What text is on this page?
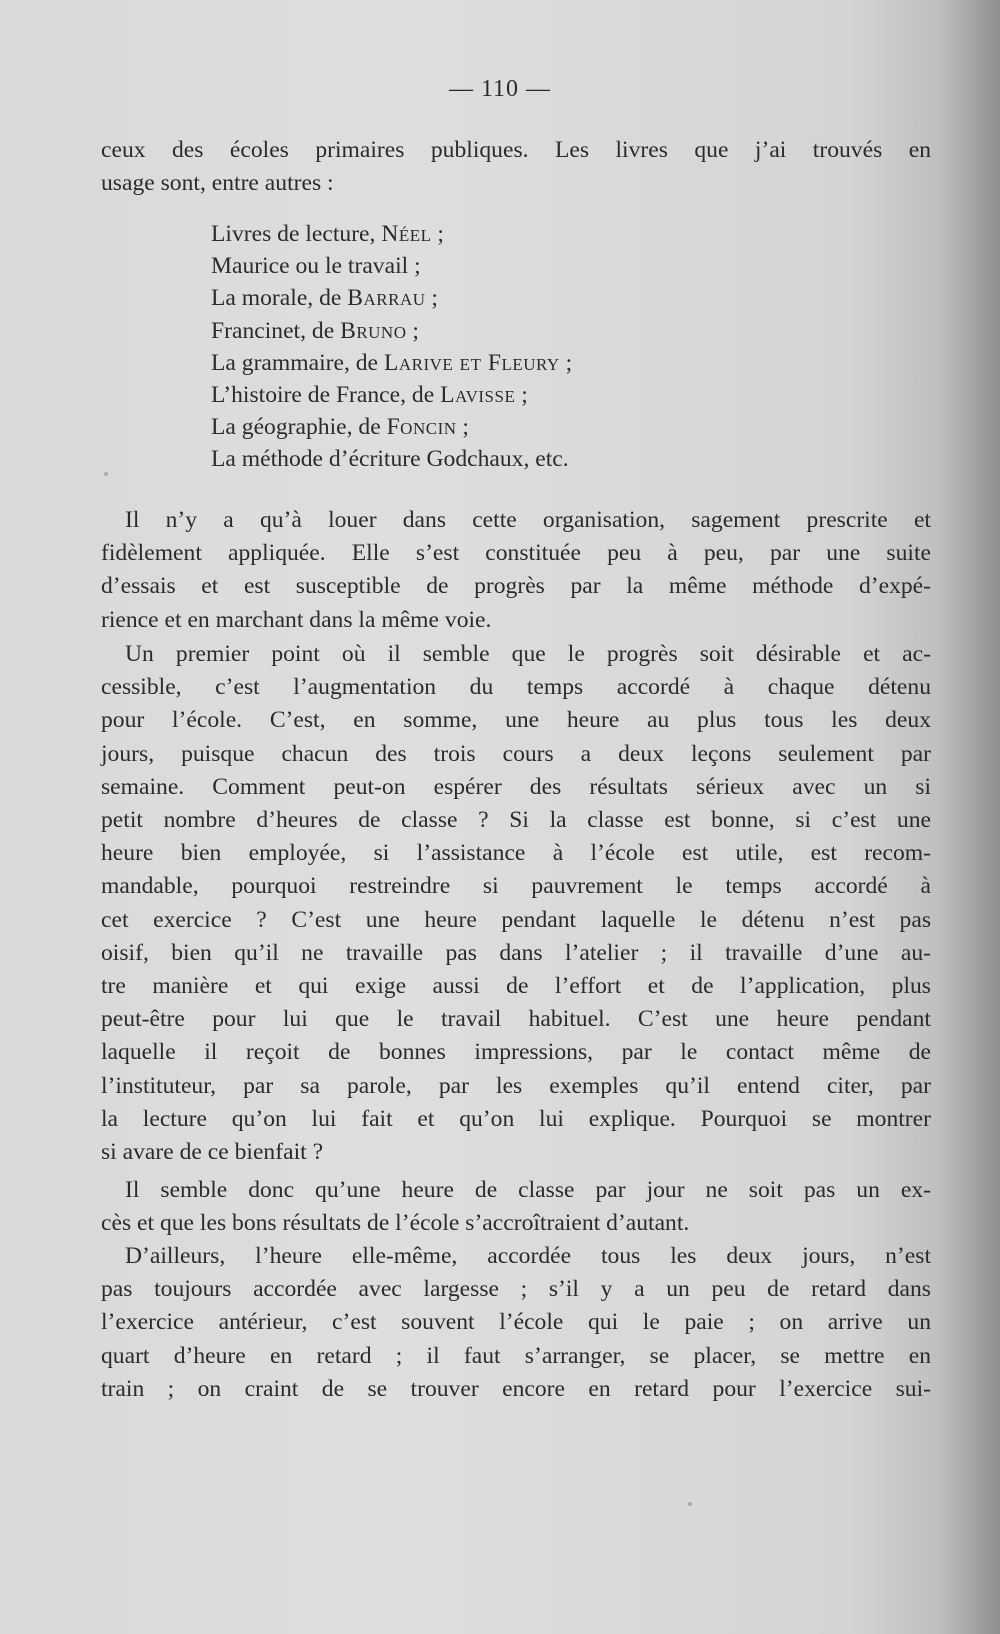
— 110 —
ceux des écoles primaires publiques. Les livres que j’ai trouvés en
usage sont, entre autres :
Livres de lecture, Néel ;
Maurice ou le travail ;
La morale, de Barrau ;
Francinet, de Bruno ;
La grammaire, de Larive et Fleury ;
L’histoire de France, de Lavisse ;
La géographie, de Foncin ;
La méthode d’écriture Godchaux, etc.
Il n’y a qu’à louer dans cette organisation, sagement prescrite et
fidèlement appliquée. Elle s’est constituée peu à peu, par une suite
d’essais et est susceptible de progrès par la même méthode d’expé-
rience et en marchant dans la même voie.
Un premier point où il semble que le progrès soit désirable et ac-
cessible, c’est l’augmentation du temps accordé à chaque détenu
pour l’école. C’est, en somme, une heure au plus tous les deux
jours, puisque chacun des trois cours a deux leçons seulement par
semaine. Comment peut-on espérer des résultats sérieux avec un si
petit nombre d’heures de classe ? Si la classe est bonne, si c’est une
heure bien employée, si l’assistance à l’école est utile, est recom-
mandable, pourquoi restreindre si pauvrement le temps accordé à
cet exercice ? C’est une heure pendant laquelle le détenu n’est pas
oisif, bien qu’il ne travaille pas dans l’atelier ; il travaille d’une au-
tre manière et qui exige aussi de l’effort et de l’application, plus
peut-être pour lui que le travail habituel. C’est une heure pendant
laquelle il reçoit de bonnes impressions, par le contact même de
l’instituteur, par sa parole, par les exemples qu’il entend citer, par
la lecture qu’on lui fait et qu’on lui explique. Pourquoi se montrer
si avare de ce bienfait ?
Il semble donc qu’une heure de classe par jour ne soit pas un ex-
cès et que les bons résultats de l’école s’accroîtraient d’autant.
D’ailleurs, l’heure elle-même, accordée tous les deux jours, n’est
pas toujours accordée avec largesse ; s’il y a un peu de retard dans
l’exercice antérieur, c’est souvent l’école qui le paie ; on arrive un
quart d’heure en retard ; il faut s’arranger, se placer, se mettre en
train ; on craint de se trouver encore en retard pour l’exercice sui-
